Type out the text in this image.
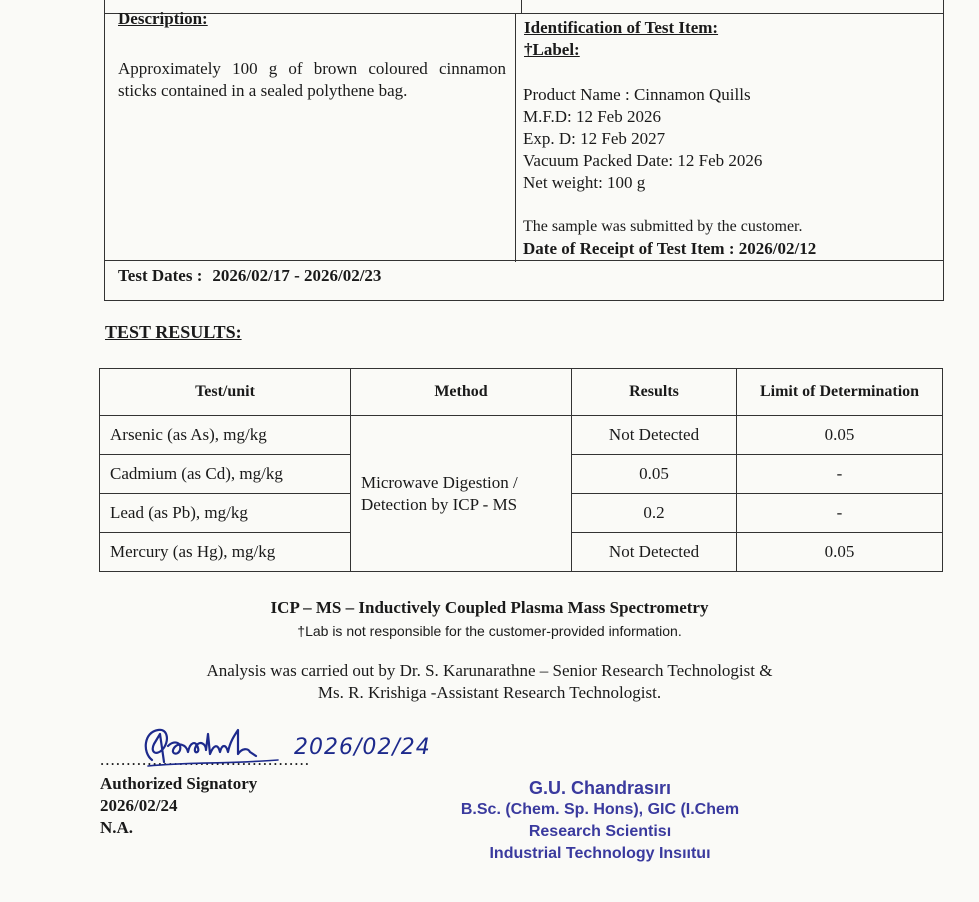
Description:
Approximately 100 g of brown coloured cinnamon sticks contained in a sealed polythene bag.
Identification of Test Item:
†Label:
Product Name : Cinnamon Quills
M.F.D: 12 Feb 2026
Exp. D: 12 Feb 2027
Vacuum Packed Date: 12 Feb 2026
Net weight: 100 g
The sample was submitted by the customer.
Date of Receipt of Test Item : 2026/02/12
Test Dates : 2026/02/17 - 2026/02/23
TEST RESULTS:
Test/unit	Method	Results	Limit of Determination
Arsenic (as As), mg/kg	Microwave Digestion / Detection by ICP - MS	Not Detected	0.05
Cadmium (as Cd), mg/kg		0.05	-
Lead (as Pb), mg/kg		0.2	-
Mercury (as Hg), mg/kg		Not Detected	0.05
ICP – MS – Inductively Coupled Plasma Mass Spectrometry
†Lab is not responsible for the customer-provided information.
Analysis was carried out by Dr. S. Karunarathne – Senior Research Technologist &
Ms. R. Krishiga -Assistant Research Technologist.
........................................
2026/02/24
Authorized Signatory
2026/02/24
N.A.
G.U. Chandrasırı
B.Sc. (Chem. Sp. Hons), GIC (I.Chem
Research Scientisı
Industrial Technology Insııtuı
